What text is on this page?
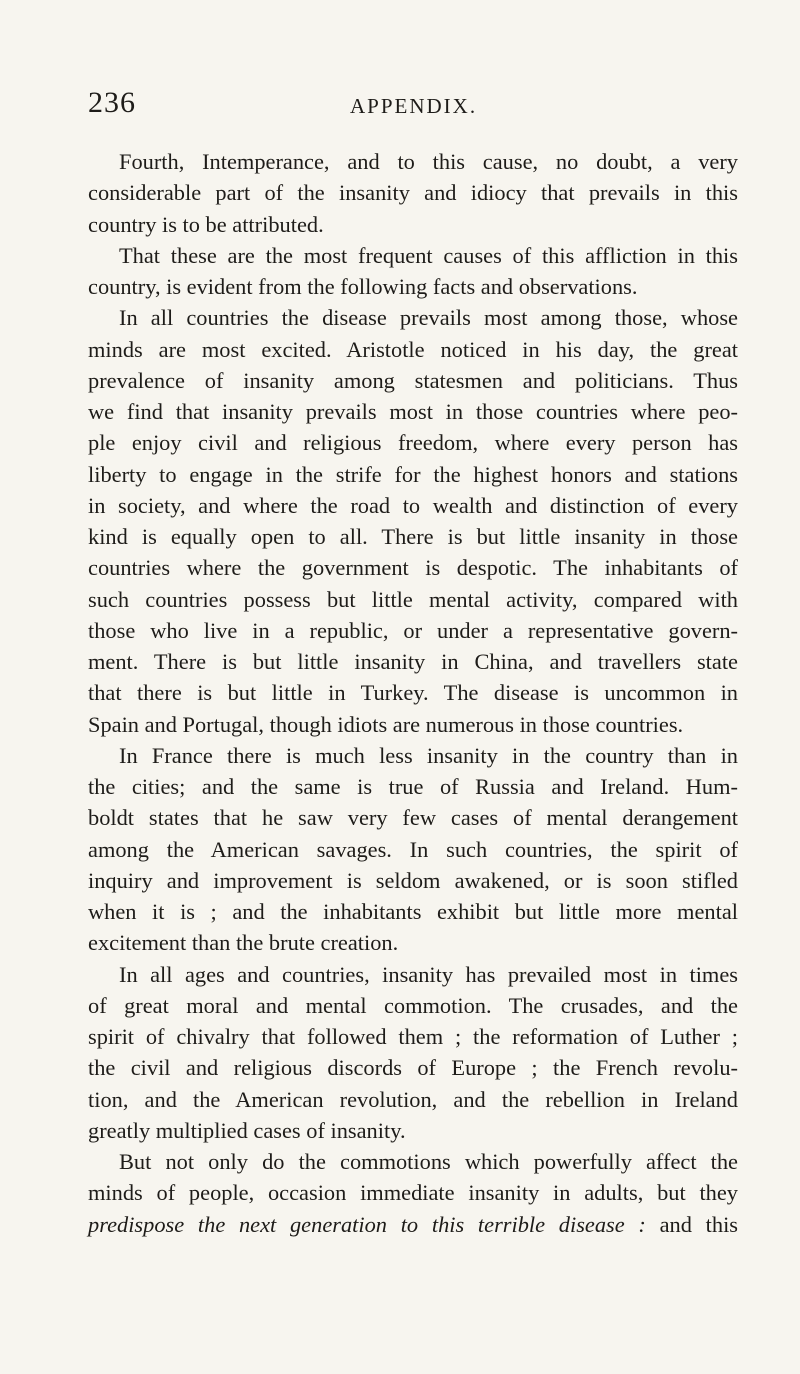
236	APPENDIX.
Fourth, Intemperance, and to this cause, no doubt, a very
considerable part of the insanity and idiocy that prevails in this
country is to be attributed.
That these are the most frequent causes of this affliction in this
country, is evident from the following facts and observations.
In all countries the disease prevails most among those, whose
minds are most excited. Aristotle noticed in his day, the great
prevalence of insanity among statesmen and politicians. Thus
we find that insanity prevails most in those countries where peo-
ple enjoy civil and religious freedom, where every person has
liberty to engage in the strife for the highest honors and stations
in society, and where the road to wealth and distinction of every
kind is equally open to all. There is but little insanity in those
countries where the government is despotic. The inhabitants of
such countries possess but little mental activity, compared with
those who live in a republic, or under a representative govern-
ment. There is but little insanity in China, and travellers state
that there is but little in Turkey. The disease is uncommon in
Spain and Portugal, though idiots are numerous in those countries.
In France there is much less insanity in the country than in
the cities; and the same is true of Russia and Ireland. Hum-
boldt states that he saw very few cases of mental derangement
among the American savages. In such countries, the spirit of
inquiry and improvement is seldom awakened, or is soon stifled
when it is ; and the inhabitants exhibit but little more mental
excitement than the brute creation.
In all ages and countries, insanity has prevailed most in times
of great moral and mental commotion. The crusades, and the
spirit of chivalry that followed them ; the reformation of Luther ;
the civil and religious discords of Europe ; the French revolu-
tion, and the American revolution, and the rebellion in Ireland
greatly multiplied cases of insanity.
But not only do the commotions which powerfully affect the
minds of people, occasion immediate insanity in adults, but they
predispose the next generation to this terrible disease : and this
